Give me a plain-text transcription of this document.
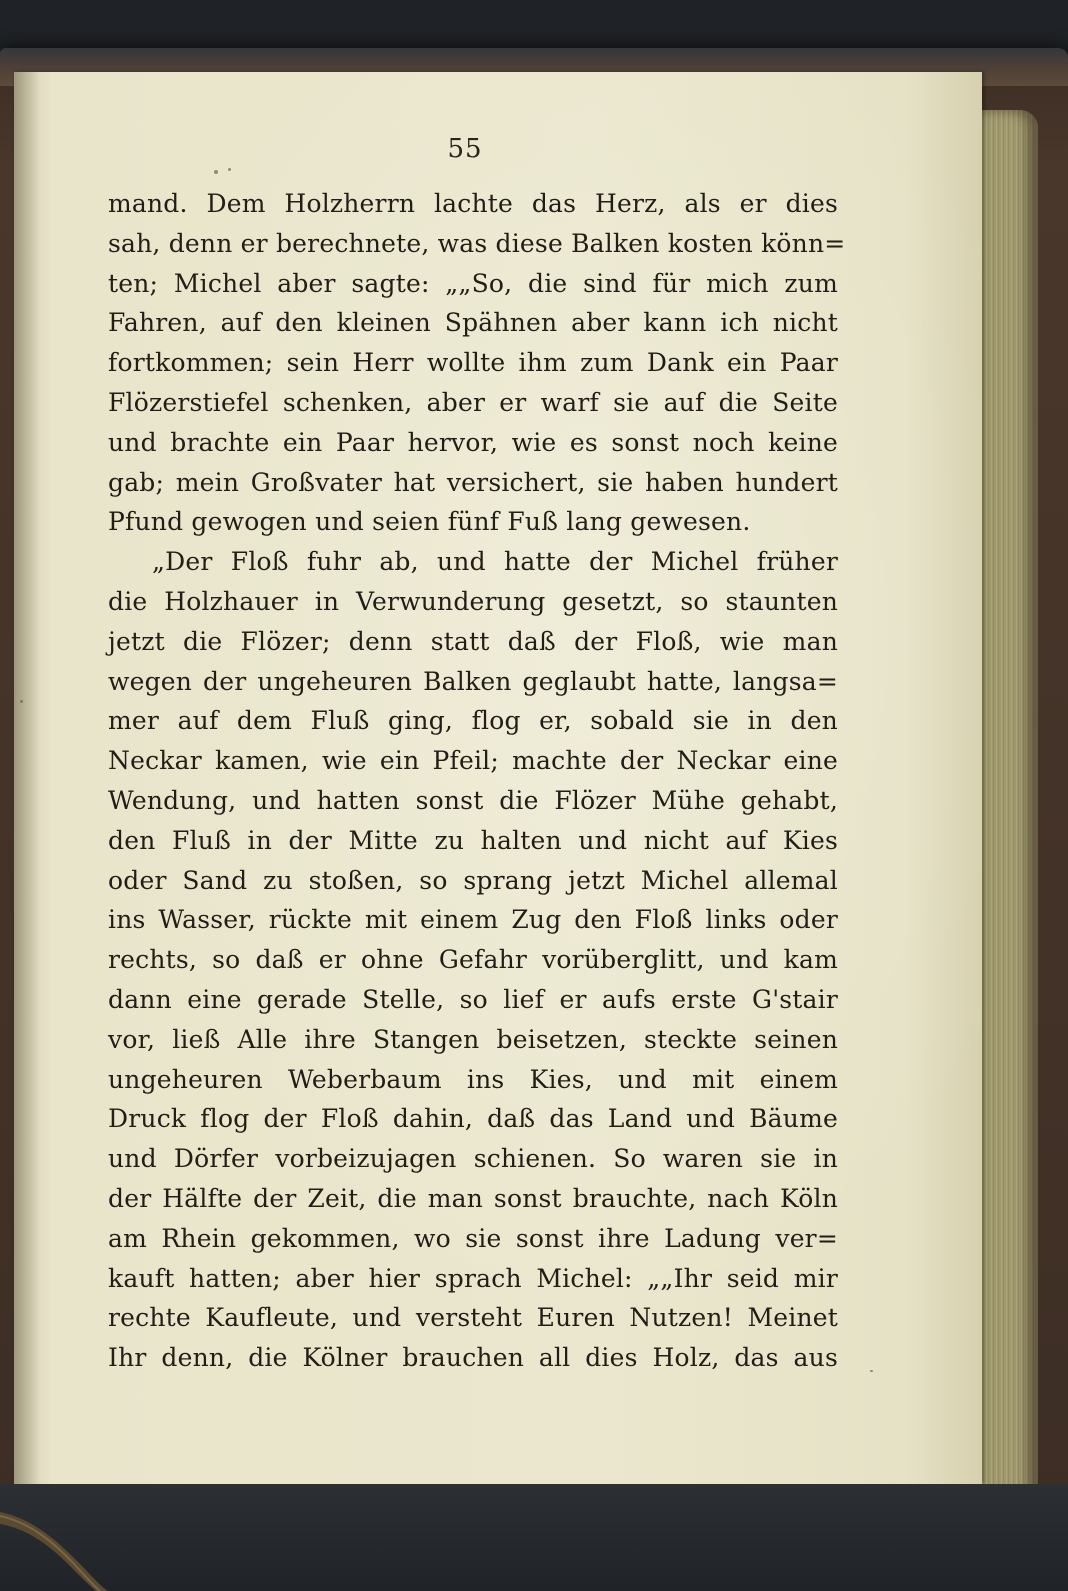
55
mand. Dem Holzherrn lachte das Herz, als er dies
sah, denn er berechnete, was diese Balken kosten könn=
ten; Michel aber sagte: „„So, die sind für mich zum
Fahren, auf den kleinen Spähnen aber kann ich nicht
fortkommen; sein Herr wollte ihm zum Dank ein Paar
Flözerstiefel schenken, aber er warf sie auf die Seite
und brachte ein Paar hervor, wie es sonst noch keine
gab; mein Großvater hat versichert, sie haben hundert
Pfund gewogen und seien fünf Fuß lang gewesen.
„Der Floß fuhr ab, und hatte der Michel früher
die Holzhauer in Verwunderung gesetzt, so staunten
jetzt die Flözer; denn statt daß der Floß, wie man
wegen der ungeheuren Balken geglaubt hatte, langsa=
mer auf dem Fluß ging, flog er, sobald sie in den
Neckar kamen, wie ein Pfeil; machte der Neckar eine
Wendung, und hatten sonst die Flözer Mühe gehabt,
den Fluß in der Mitte zu halten und nicht auf Kies
oder Sand zu stoßen, so sprang jetzt Michel allemal
ins Wasser, rückte mit einem Zug den Floß links oder
rechts, so daß er ohne Gefahr vorüberglitt, und kam
dann eine gerade Stelle, so lief er aufs erste G'stair
vor, ließ Alle ihre Stangen beisetzen, steckte seinen
ungeheuren Weberbaum ins Kies, und mit einem
Druck flog der Floß dahin, daß das Land und Bäume
und Dörfer vorbeizujagen schienen. So waren sie in
der Hälfte der Zeit, die man sonst brauchte, nach Köln
am Rhein gekommen, wo sie sonst ihre Ladung ver=
kauft hatten; aber hier sprach Michel: „„Ihr seid mir
rechte Kaufleute, und versteht Euren Nutzen! Meinet
Ihr denn, die Kölner brauchen all dies Holz, das aus
